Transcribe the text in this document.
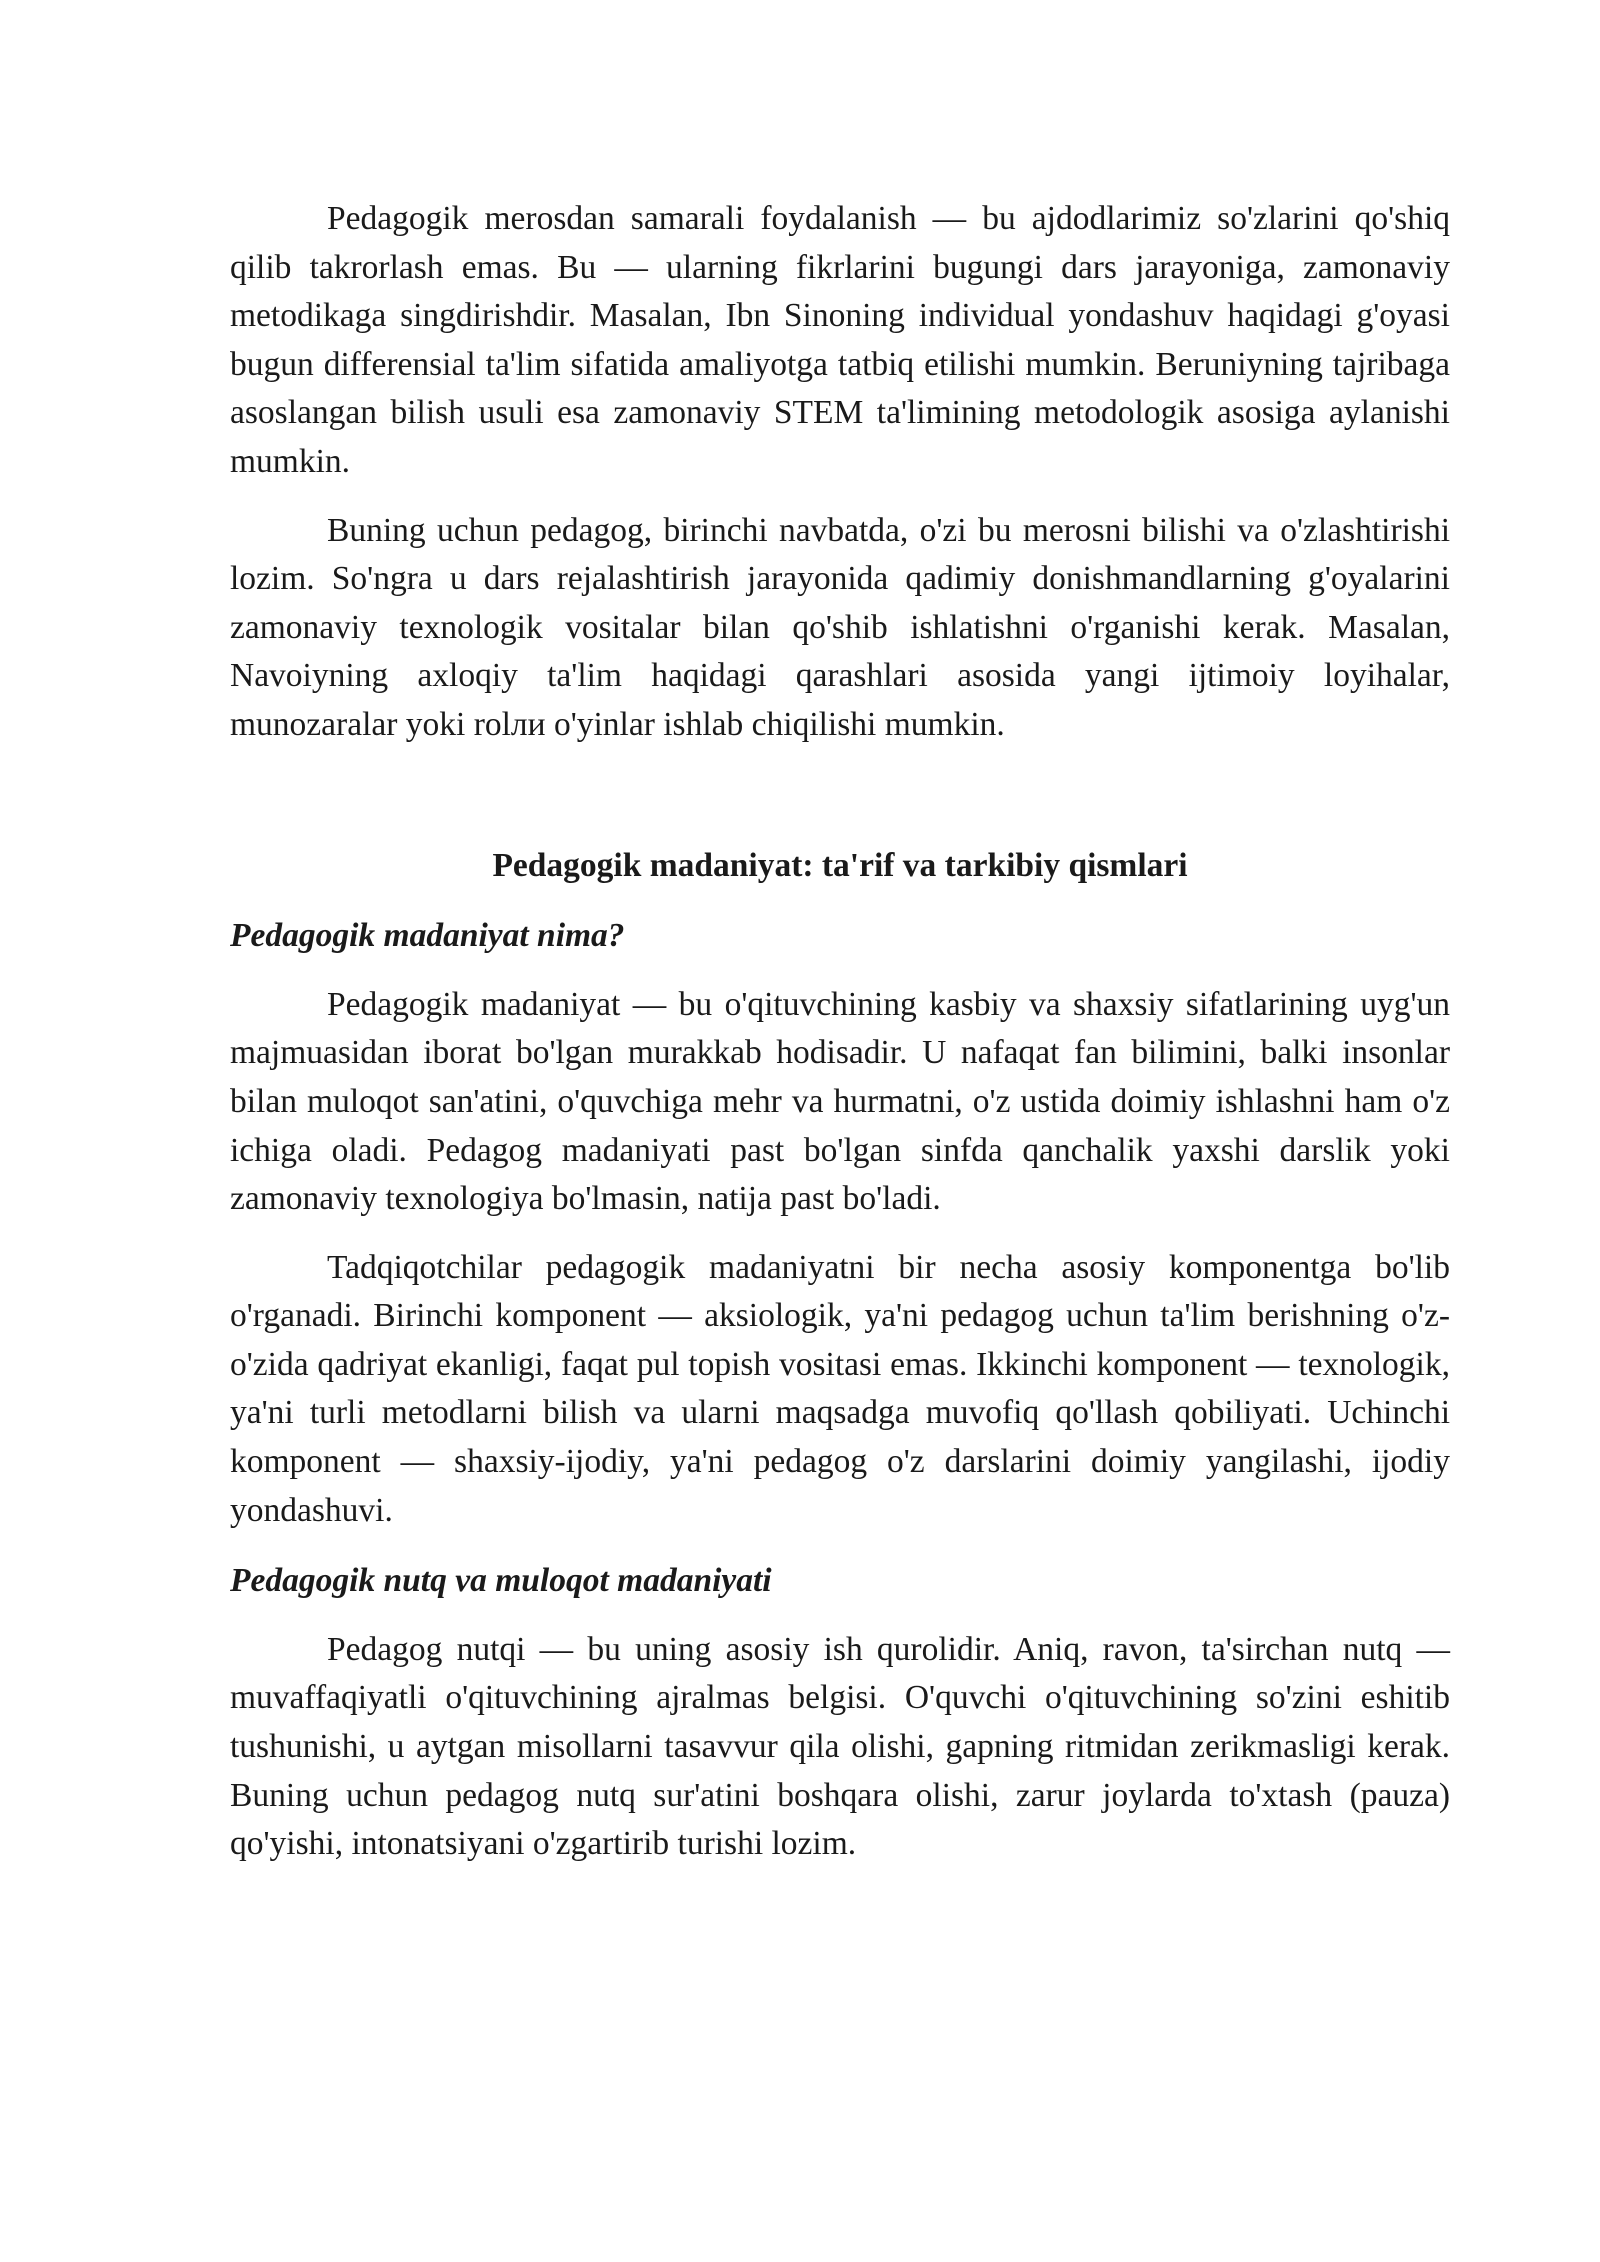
Pedagogik merosdan samarali foydalanish — bu ajdodlarimiz so'zlarini qo'shiq qilib takrorlash emas. Bu — ularning fikrlarini bugungi dars jarayoniga, zamonaviy metodikaga singdirishdir. Masalan, Ibn Sinoning individual yondashuv haqidagi g'oyasi bugun differensial ta'lim sifatida amaliyotga tatbiq etilishi mumkin. Beruniyning tajribaga asoslangan bilish usuli esa zamonaviy STEM ta'limining metodologik asosiga aylanishi mumkin.

Buning uchun pedagog, birinchi navbatda, o'zi bu merosni bilishi va o'zlashtirishi lozim. So'ngra u dars rejalashtirish jarayonida qadimiy donishmandlarning g'oyalarini zamonaviy texnologik vositalar bilan qo'shib ishlatishni o'rganishi kerak. Masalan, Navoiyning axloqiy ta'lim haqidagi qarashlari asosida yangi ijtimoiy loyihalar, munozaralar yoki rolли o'yinlar ishlab chiqilishi mumkin.

Pedagogik madaniyat: ta'rif va tarkibiy qismlari
Pedagogik madaniyat nima?

Pedagogik madaniyat — bu o'qituvchining kasbiy va shaxsiy sifatlarining uyg'un majmuasidan iborat bo'lgan murakkab hodisadir. U nafaqat fan bilimini, balki insonlar bilan muloqot san'atini, o'quvchiga mehr va hurmatni, o'z ustida doimiy ishlashni ham o'z ichiga oladi. Pedagog madaniyati past bo'lgan sinfda qanchalik yaxshi darslik yoki zamonaviy texnologiya bo'lmasin, natija past bo'ladi.

Tadqiqotchilar pedagogik madaniyatni bir necha asosiy komponentga bo'lib o'rganadi. Birinchi komponent — aksiologik, ya'ni pedagog uchun ta'lim berishning o'z-o'zida qadriyat ekanligi, faqat pul topish vositasi emas. Ikkinchi komponent — texnologik, ya'ni turli metodlarni bilish va ularni maqsadga muvofiq qo'llash qobiliyati. Uchinchi komponent — shaxsiy-ijodiy, ya'ni pedagog o'z darslarini doimiy yangilashi, ijodiy yondashuvi.

Pedagogik nutq va muloqot madaniyati

Pedagog nutqi — bu uning asosiy ish qurolidir. Aniq, ravon, ta'sirchan nutq — muvaffaqiyatli o'qituvchining ajralmas belgisi. O'quvchi o'qituvchining so'zini eshitib tushunishi, u aytgan misollarni tasavvur qila olishi, gapning ritmidan zerikmasligi kerak. Buning uchun pedagog nutq sur'atini boshqara olishi, zarur joylarda to'xtash (pauza) qo'yishi, intonatsiyani o'zgartirib turishi lozim.
